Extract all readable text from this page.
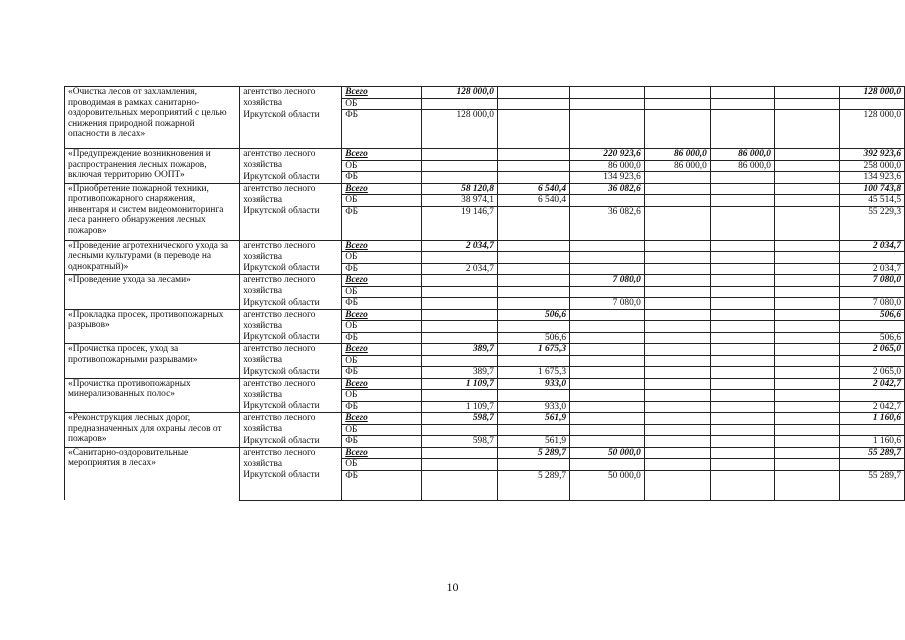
«Очистка лесов от захламления, проводимая в рамках санитарно-оздоровительных мероприятий с целью снижения природной пожарной опасности в лесах»	агентство лесного	Всего	128 000,0						128 000,0
	хозяйства	ОБ							
	Иркутской области	ФБ	128 000,0						128 000,0
«Предупреждение возникновения и распространения лесных пожаров, включая территорию ООПТ»	агентство лесного	Всего			220 923,6	86 000,0	86 000,0		392 923,6
	хозяйства	ОБ			86 000,0	86 000,0	86 000,0		258 000,0
	Иркутской области	ФБ			134 923,6				134 923,6
«Приобретение пожарной техники, противопожарного снаряжения, инвентаря и систем видеомониторинга леса раннего обнаружения лесных пожаров»	агентство лесного	Всего	58 120,8	6 540,4	36 082,6				100 743,8
	хозяйства	ОБ	38 974,1	6 540,4					45 514,5
	Иркутской области	ФБ	19 146,7		36 082,6				55 229,3
«Проведение агротехнического ухода за лесными культурами (в переводе на однократный)»	агентство лесного	Всего	2 034,7						2 034,7
	хозяйства	ОБ							
	Иркутской области	ФБ	2 034,7						2 034,7
«Проведение ухода за лесами»	агентство лесного	Всего			7 080,0				7 080,0
	хозяйства	ОБ							
	Иркутской области	ФБ			7 080,0				7 080,0
«Прокладка просек, противопожарных разрывов»	агентство лесного	Всего		506,6					506,6
	хозяйства	ОБ							
	Иркутской области	ФБ		506,6					506,6
«Прочистка просек, уход за противопожарными разрывами»	агентство лесного	Всего	389,7	1 675,3					2 065,0
	хозяйства	ОБ							
	Иркутской области	ФБ	389,7	1 675,3					2 065,0
«Прочистка противопожарных минерализованных полос»	агентство лесного	Всего	1 109,7	933,0					2 042,7
	хозяйства	ОБ							
	Иркутской области	ФБ	1 109,7	933,0					2 042,7
«Реконструкция лесных дорог, предназначенных для охраны лесов от пожаров»	агентство лесного	Всего	598,7	561,9					1 160,6
	хозяйства	ОБ							
	Иркутской области	ФБ	598,7	561,9					1 160,6
«Санитарно-оздоровительные мероприятия в лесах»	агентство лесного	Всего		5 289,7	50 000,0				55 289,7
	хозяйства	ОБ							
	Иркутской области	ФБ		5 289,7	50 000,0				55 289,7
10
